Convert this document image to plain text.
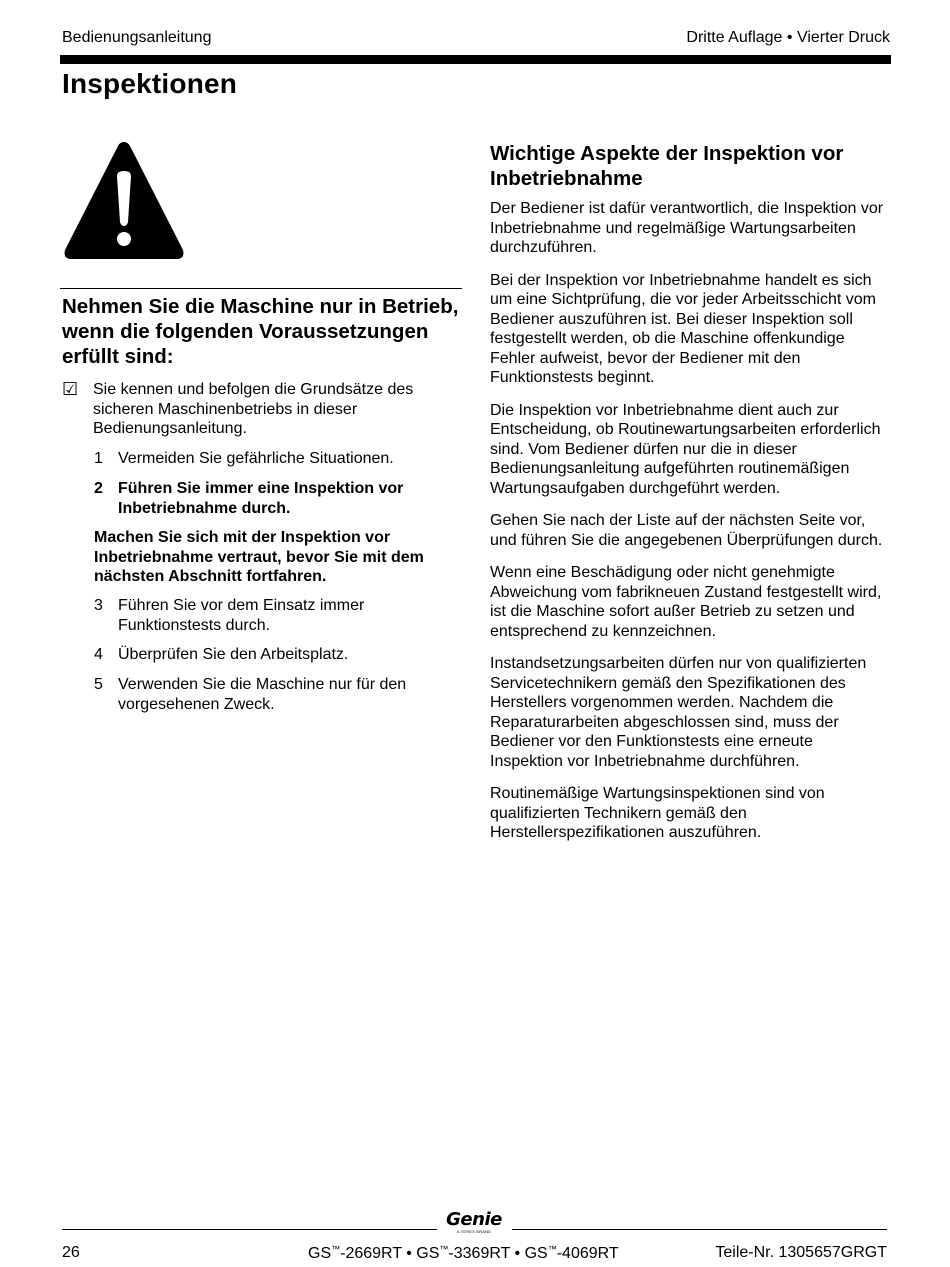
Bedienungsanleitung	Dritte Auflage • Vierter Druck
Inspektionen
Nehmen Sie die Maschine nur in Betrieb, wenn die folgenden Voraussetzungen erfüllt sind:
☑ Sie kennen und befolgen die Grundsätze des sicheren Maschinenbetriebs in dieser Bedienungsanleitung.
1 Vermeiden Sie gefährliche Situationen.
2 Führen Sie immer eine Inspektion vor Inbetriebnahme durch.
Machen Sie sich mit der Inspektion vor Inbetriebnahme vertraut, bevor Sie mit dem nächsten Abschnitt fortfahren.
3 Führen Sie vor dem Einsatz immer Funktionstests durch.
4 Überprüfen Sie den Arbeitsplatz.
5 Verwenden Sie die Maschine nur für den vorgesehenen Zweck.
Wichtige Aspekte der Inspektion vor Inbetriebnahme

Der Bediener ist dafür verantwortlich, die Inspektion vor Inbetriebnahme und regelmäßige Wartungsarbeiten durchzuführen.

Bei der Inspektion vor Inbetriebnahme handelt es sich um eine Sichtprüfung, die vor jeder Arbeitsschicht vom Bediener auszuführen ist. Bei dieser Inspektion soll festgestellt werden, ob die Maschine offenkundige Fehler aufweist, bevor der Bediener mit den Funktionstests beginnt.

Die Inspektion vor Inbetriebnahme dient auch zur Entscheidung, ob Routinewartungsarbeiten erforderlich sind. Vom Bediener dürfen nur die in dieser Bedienungsanleitung aufgeführten routinemäßigen Wartungsaufgaben durchgeführt werden.

Gehen Sie nach der Liste auf der nächsten Seite vor, und führen Sie die angegebenen Überprüfungen durch.

Wenn eine Beschädigung oder nicht genehmigte Abweichung vom fabrikneuen Zustand festgestellt wird, ist die Maschine sofort außer Betrieb zu setzen und entsprechend zu kennzeichnen.

Instandsetzungsarbeiten dürfen nur von qualifizierten Servicetechnikern gemäß den Spezifikationen des Herstellers vorgenommen werden. Nachdem die Reparaturarbeiten abgeschlossen sind, muss der Bediener vor den Funktionstests eine erneute Inspektion vor Inbetriebnahme durchführen.

Routinemäßige Wartungsinspektionen sind von qualifizierten Technikern gemäß den Herstellerspezifikationen auszuführen.

Genie
A TEREX BRAND
26	GS™-2669RT • GS™-3369RT • GS™-4069RT	Teile-Nr. 1305657GRGT
